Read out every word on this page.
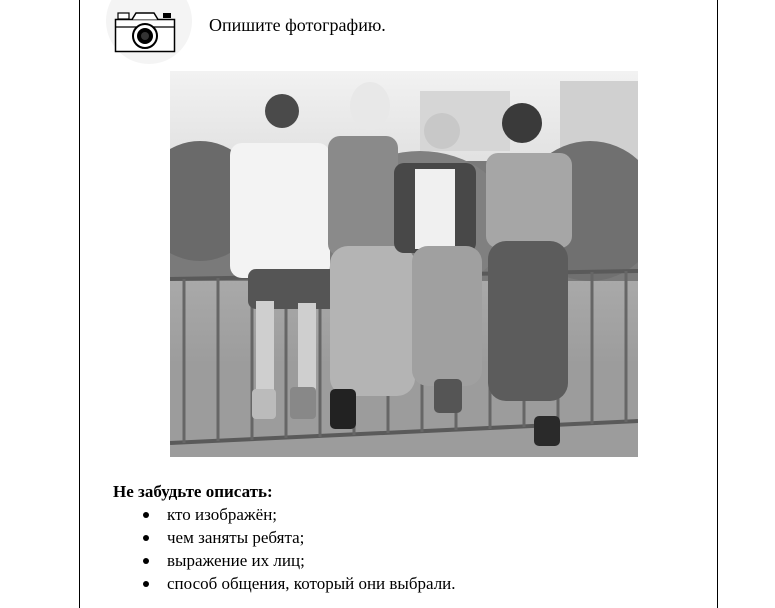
Опишите фотографию.
Не забудьте описать:
кто изображён;
чем заняты ребята;
выражение их лиц;
способ общения, который они выбрали.
